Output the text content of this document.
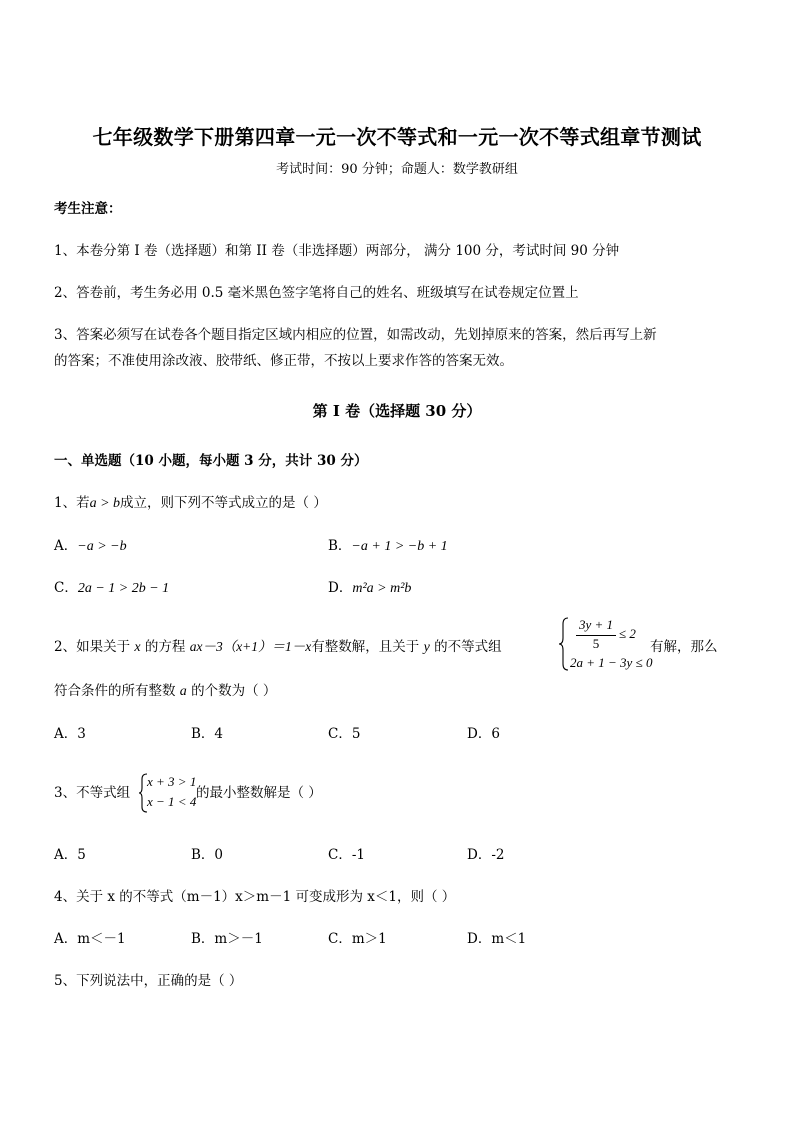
七年级数学下册第四章一元一次不等式和一元一次不等式组章节测试
考试时间：90 分钟；命题人：数学教研组
考生注意：
1、本卷分第 I 卷（选择题）和第 II 卷（非选择题）两部分， 满分 100 分，考试时间 90 分钟
2、答卷前，考生务必用 0.5 毫米黑色签字笔将自己的姓名、班级填写在试卷规定位置上
3、答案必须写在试卷各个题目指定区域内相应的位置，如需改动，先划掉原来的答案，然后再写上新
的答案；不准使用涂改液、胶带纸、修正带，不按以上要求作答的答案无效。
第 I 卷（选择题 30 分）
一、单选题（10 小题，每小题 3 分，共计 30 分）
1、若a > b成立，则下列不等式成立的是（ ）
A．−a > −b	B．−a + 1 > −b + 1
C．2a − 1 > 2b − 1	D．m²a > m²b
2、如果关于 x 的方程 ax－3（x+1）＝1－x有整数解，且关于 y 的不等式组
3y + 1
5
≤ 2
2a + 1 − 3y ≤ 0
有解，那么
符合条件的所有整数 a 的个数为（ ）
A．3	B．4	C．5	D．6
3、不等式组
x + 3 > 1
x − 1 < 4
的最小整数解是（ ）
A．5	B．0	C．-1	D．-2
4、关于 x 的不等式（m－1）x＞m－1 可变成形为 x＜1，则（ ）
A．m＜－1	B．m＞－1	C．m＞1	D．m＜1
5、下列说法中，正确的是（ ）
